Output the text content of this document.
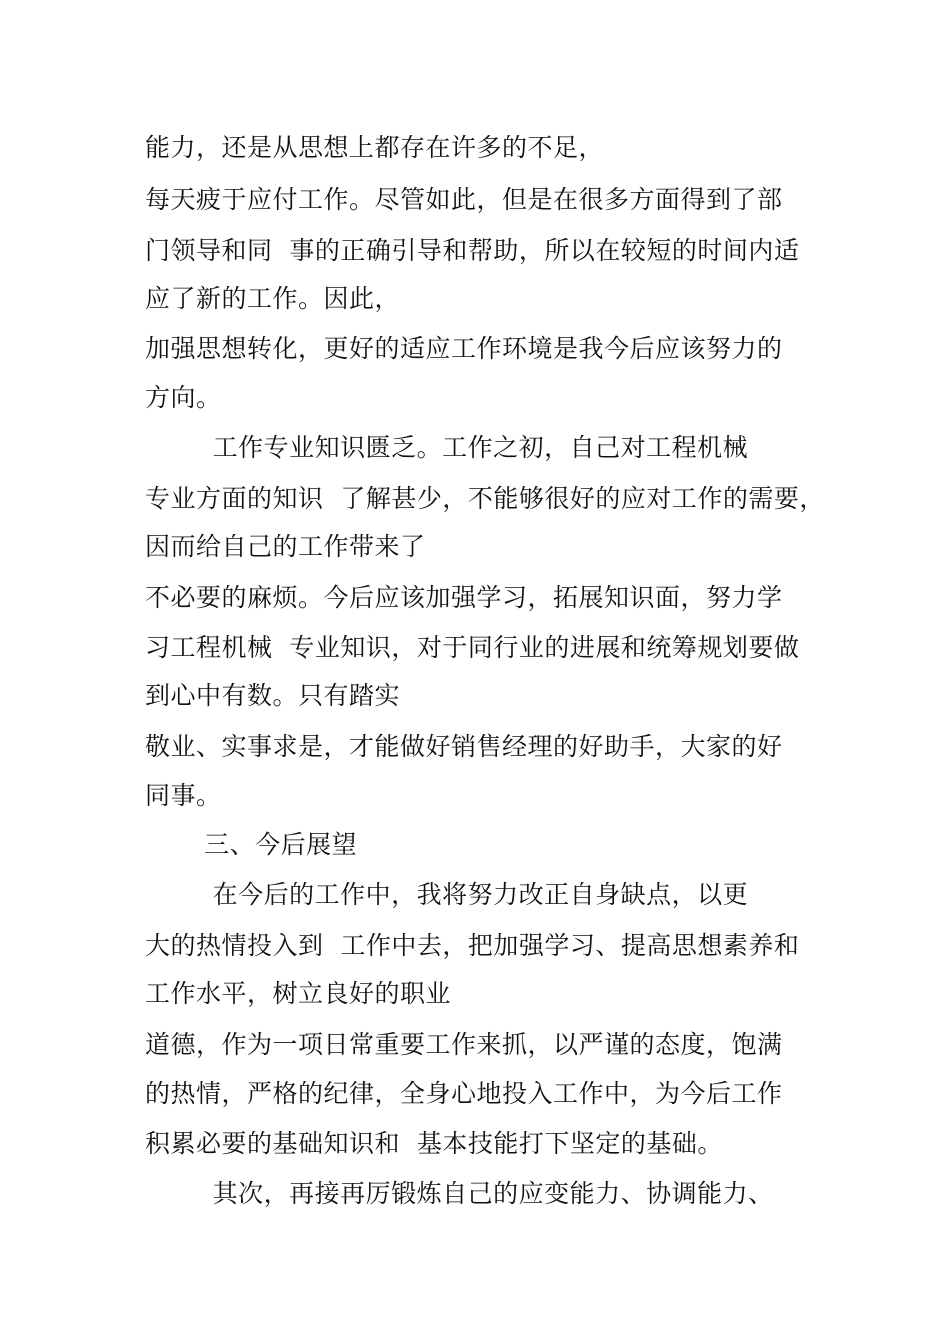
能力，还是从思想上都存在许多的不足，
每天疲于应付工作。尽管如此，但是在很多方面得到了部
门领导和同  事的正确引导和帮助，所以在较短的时间内适
应了新的工作。因此，
加强思想转化，更好的适应工作环境是我今后应该努力的
方向。
工作专业知识匮乏。工作之初，自己对工程机械
专业方面的知识  了解甚少，不能够很好的应对工作的需要，
因而给自己的工作带来了
不必要的麻烦。今后应该加强学习，拓展知识面，努力学
习工程机械  专业知识，对于同行业的进展和统筹规划要做
到心中有数。只有踏实
敬业、实事求是，才能做好销售经理的好助手，大家的好
同事。
三、今后展望
在今后的工作中，我将努力改正自身缺点，以更
大的热情投入到  工作中去，把加强学习、提高思想素养和
工作水平，树立良好的职业
道德，作为一项日常重要工作来抓，以严谨的态度，饱满
的热情，严格的纪律，全身心地投入工作中，为今后工作
积累必要的基础知识和  基本技能打下坚定的基础。
其次，再接再厉锻炼自己的应变能力、协调能力、
